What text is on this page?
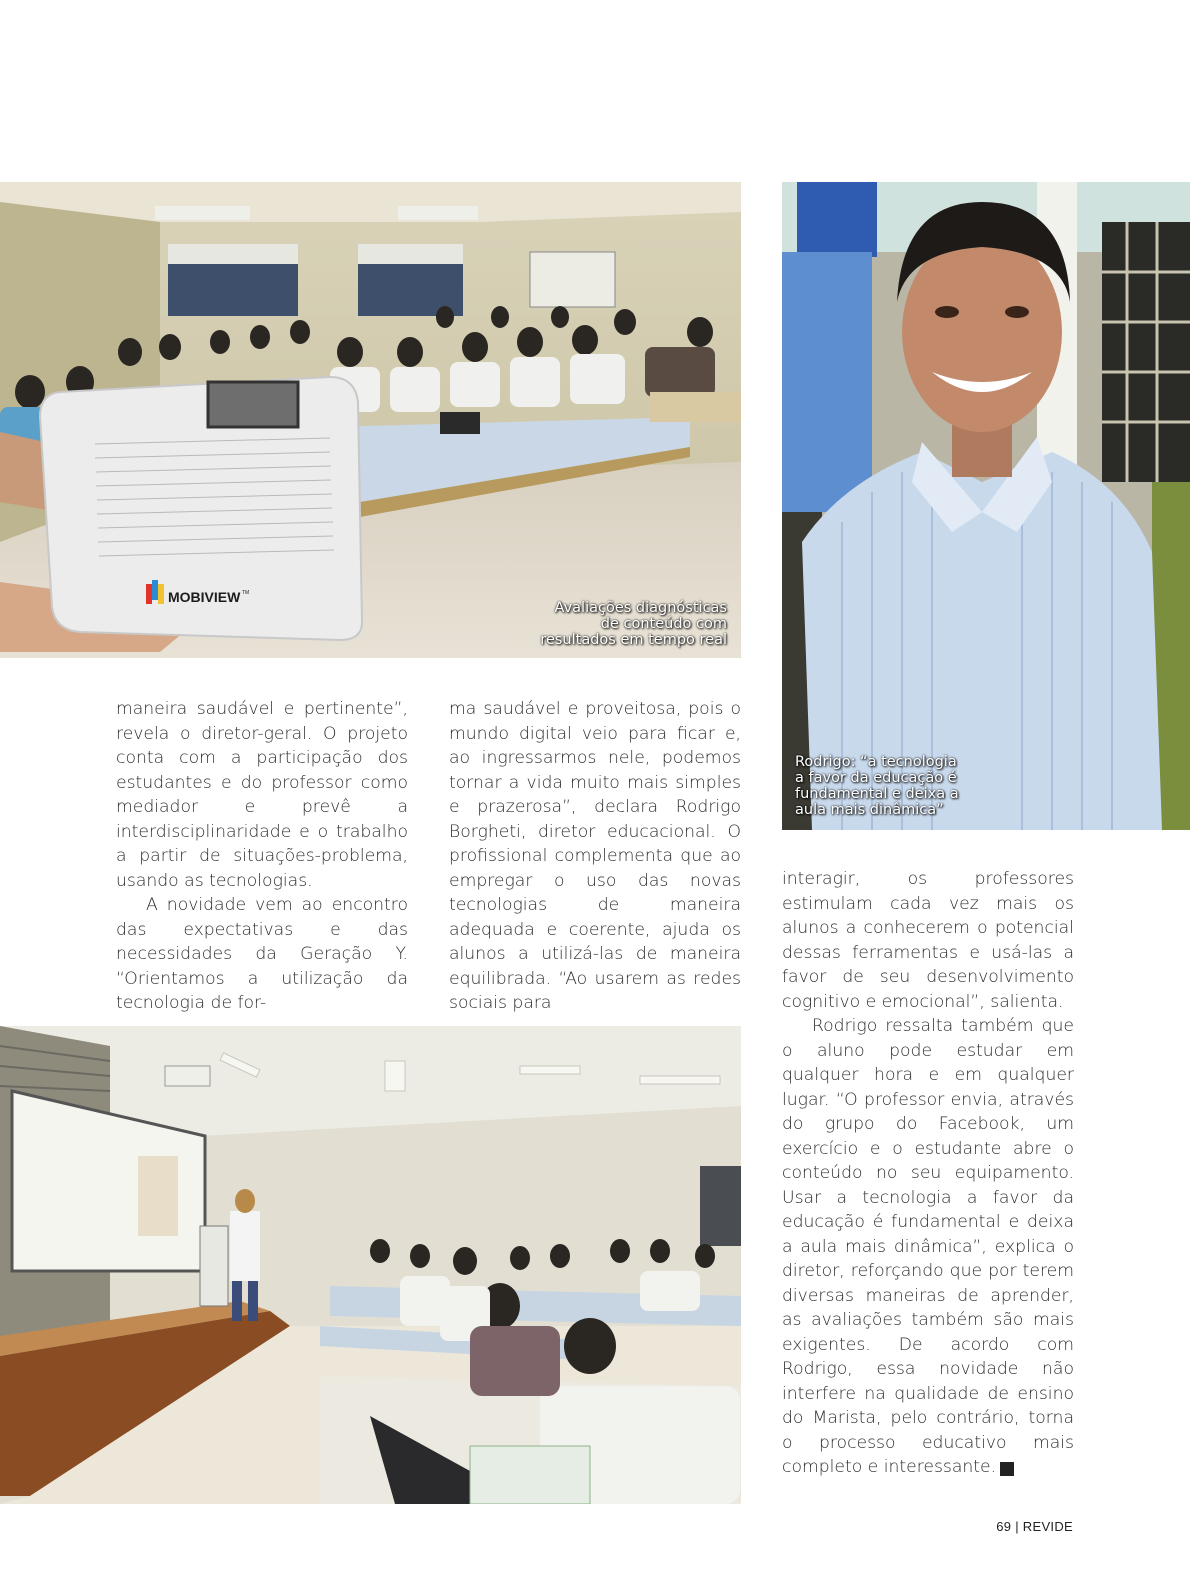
MOBIVIEW TM
Avaliações diagnósticas
de conteúdo com
resultados em tempo real
Rodrigo: “a tecnologia
a favor da educação é
fundamental e deixa a
aula mais dinâmica”

maneira saudável e pertinente”, revela o diretor-geral. O projeto conta com a participação dos estudantes e do professor como mediador e prevê a interdisciplinaridade e o trabalho a partir de situações-problema, usando as tecnologias.

A novidade vem ao encontro das expectativas e das necessidades da Geração Y. “Orientamos a utilização da tecnologia de for-

ma saudável e proveitosa, pois o mundo digital veio para ficar e, ao ingressarmos nele, podemos tornar a vida muito mais simples e prazerosa”, declara Rodrigo Borgheti, diretor educacional. O profissional complementa que ao empregar o uso das novas tecnologias de maneira adequada e coerente, ajuda os alunos a utilizá-las de maneira equilibrada. “Ao usarem as redes sociais para

interagir, os professores estimulam cada vez mais os alunos a conhecerem o potencial dessas ferramentas e usá-las a favor de seu desenvolvimento cognitivo e emocional”, salienta.

Rodrigo ressalta também que o aluno pode estudar em qualquer hora e em qualquer lugar. “O professor envia, através do grupo do Facebook, um exercício e o estudante abre o conteúdo no seu equipamento. Usar a tecnologia a favor da educação é fundamental e deixa a aula mais dinâmica”, explica o diretor, reforçando que por terem diversas maneiras de aprender, as avaliações também são mais exigentes. De acordo com Rodrigo, essa novidade não interfere na qualidade de ensino do Marista, pelo contrário, torna o processo educativo mais completo e interessante.	r

69 | REVIDE
